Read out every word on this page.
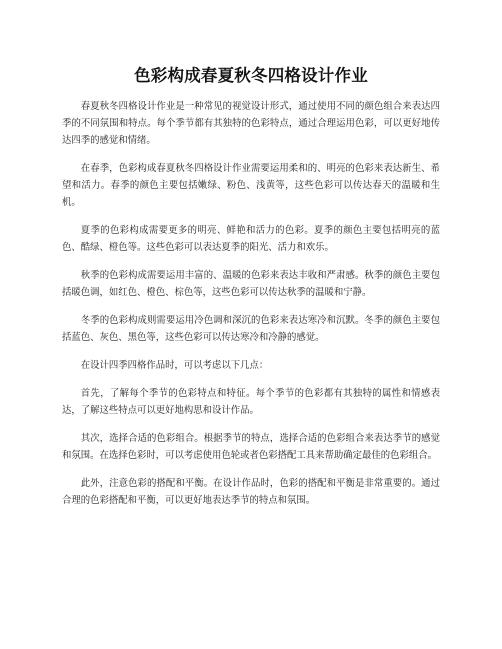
色彩构成春夏秋冬四格设计作业

春夏秋冬四格设计作业是一种常见的视觉设计形式，通过使用不同的颜色组合来表达四季的不同氛围和特点。每个季节都有其独特的色彩特点，通过合理运用色彩，可以更好地传达四季的感觉和情绪。

在春季，色彩构成春夏秋冬四格设计作业需要运用柔和的、明亮的色彩来表达新生、希望和活力。春季的颜色主要包括嫩绿、粉色、浅黄等，这些色彩可以传达春天的温暖和生机。

夏季的色彩构成需要更多的明亮、鲜艳和活力的色彩。夏季的颜色主要包括明亮的蓝色、酷绿、橙色等。这些色彩可以表达夏季的阳光、活力和欢乐。

秋季的色彩构成需要运用丰富的、温暖的色彩来表达丰收和严肃感。秋季的颜色主要包括暖色调，如红色、橙色、棕色等，这些色彩可以传达秋季的温暖和宁静。

冬季的色彩构成则需要运用冷色调和深沉的色彩来表达寒冷和沉默。冬季的颜色主要包括蓝色、灰色、黑色等，这些色彩可以传达寒冷和冷静的感觉。

在设计四季四格作品时，可以考虑以下几点：

首先，了解每个季节的色彩特点和特征。每个季节的色彩都有其独特的属性和情感表达，了解这些特点可以更好地构思和设计作品。

其次，选择合适的色彩组合。根据季节的特点，选择合适的色彩组合来表达季节的感觉和氛围。在选择色彩时，可以考虑使用色轮或者色彩搭配工具来帮助确定最佳的色彩组合。

此外，注意色彩的搭配和平衡。在设计作品时，色彩的搭配和平衡是非常重要的。通过合理的色彩搭配和平衡，可以更好地表达季节的特点和氛围。
